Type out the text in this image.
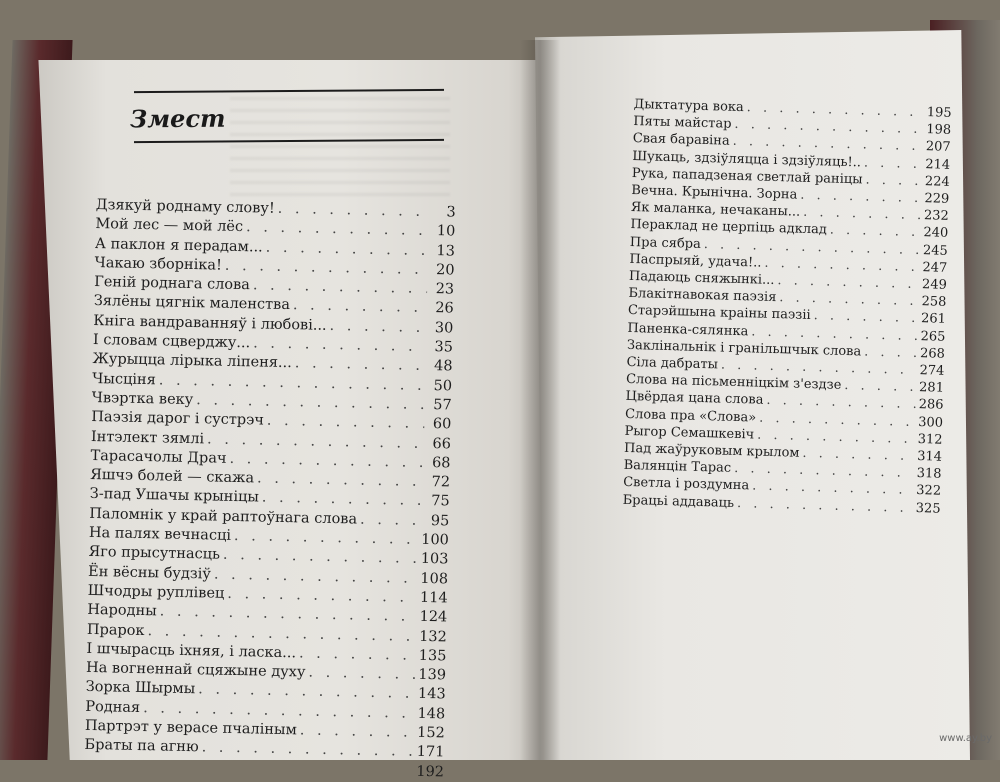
Змест
Дзякуй роднаму слову! . . .	3
Мой лес — мой лёс . . .	10
А паклон я перадам... . . .	13
Чакаю зборніка! . . .	20
Геній роднага слова . . .	23
Зялёны цягнік маленства . . .	26
Кніга вандраванняў і любові... . . .	30
І словам сцверджу... . . .	35
Журыцца лірыка ліпеня... . . .	48
Чысціня . . .	50
Чвэртка веку . . .	57
Паэзія дарог і сустрэч . . .	60
Інтэлект зямлі . . .	66
Тарасачолы Драч . . .	68
Яшчэ болей — скажа . . .	72
З-пад Ушачы крыніцы . . .	75
Паломнік у край раптоўнага слова . . .	95
На палях вечнасці . . .	100
Яго прысутнасць . . .	103
Ён вёсны будзіў . . .	108
Шчодры руплівец . . .	114
Народны . . .	124
Прарок . . .	132
І шчырасць іхняя, і ласка... . . .	135
На вогненнай сцяжыне духу . . .	139
Зорка Шырмы . . .	143
Родная . . .	148
Партрэт у верасе пчаліным . . .	152
Браты па агню . . .	171
192
Дыктатура вока . . .	195
Пяты майстар . . .	198
Свая баравіна . . .	207
Шукаць, здзіўляцца і здзіўляць!.. . . .	214
Рука, пападзеная светлай раніцы . . .	224
Вечна. Крынічна. Зорна . . .	229
Як маланка, нечаканы... . . .	232
Пераклад не церпіць адклад . . .	240
Пра сябра . . .	245
Паспрыяй, удача!.. . . .	247
Падаюць сняжынкі... . . .	249
Блакітнавокая паэзія . . .	258
Старэйшына краіны паэзіі . . .	261
Паненка-сялянка . . .	265
Заклінальнік і гранільшчык слова . . .	268
Сіла дабраты . . .	274
Слова на пісьменніцкім з'ездзе . . .	281
Цвёрдая цана слова . . .	286
Слова пра «Слова» . . .	300
Рыгор Семашкевіч . . .	312
Пад жаўруковым крылом . . .	314
Валянцін Тарас . . .	318
Светла і роздумна . . .	322
Брацьі аддаваць . . .	325
www.ay.by
